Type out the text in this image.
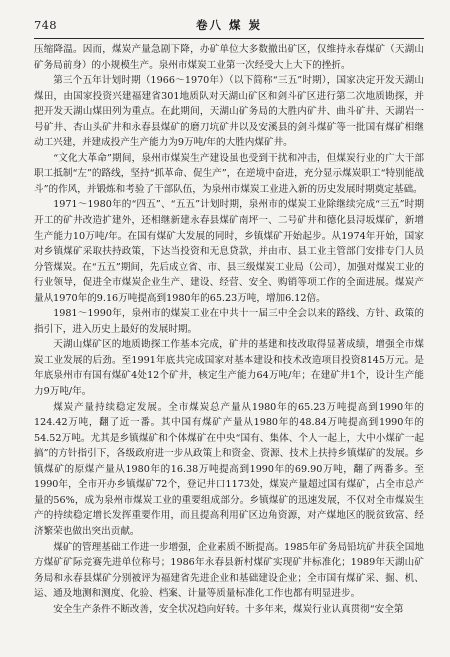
748	卷八 煤 炭

压缩降温。因而，煤炭产量急剧下降，办矿单位大多数撤出矿区，仅维持永春煤矿（天湖山矿务局前身）的小规模生产。泉州市煤炭工业第一次经受大上大下的挫折。

第三个五年计划时期（1966～1970年）（以下简称“三五”时期），国家决定开发天湖山煤田，由国家投资兴建福建省301地质队对天湖山矿区和剑斗矿区进行第二次地质勘探，并把开发天湖山煤田列为重点。在此期间，天湖山矿务局的大胜内矿井、曲斗矿井、天湖岩一号矿井、杏山头矿井和永春县煤矿的磨刀坑矿井以及安溪县的剑斗煤矿等一批国有煤矿相继动工兴建，并建成投产生产能力为9万吨/年的大胜内煤矿井。

“文化大革命”期间，泉州市煤炭生产建设虽也受到干扰和冲击，但煤炭行业的广大干部职工抵制“左”的路线，坚持“抓革命、促生产”，在逆境中奋进，充分显示煤炭职工“特别能战斗”的作风，并锻炼和考验了干部队伍，为泉州市煤炭工业进入新的历史发展时期奠定基础。

1971～1980年的“四五”、“五五”计划时期，泉州市的煤炭工业除继续完成“三五”时期开工的矿井改造扩建外，还相继新建永春县煤矿南坪一、二号矿井和德化县浔坂煤矿，新增生产能力10万吨/年。在国有煤矿大发展的同时，乡镇煤矿开始起步。从1974年开始，国家对乡镇煤矿采取扶持政策，下达当投资和无息贷款，并由市、县工业主管部门安排专门人员分管煤炭。在“五五”期间，先后成立省、市、县三级煤炭工业局（公司），加强对煤炭工业的行业领导，促进全市煤炭企业生产、建设、经营、安全、购销等项工作的全面进展。煤炭产量从1970年的9.16万吨提高到1980年的65.23万吨，增加6.12倍。

1981～1990年，泉州市的煤炭工业在中共十一届三中全会以来的路线、方针、政策的指引下，进入历史上最好的发展时期。

天湖山煤矿区的地质勘探工作基本完成，矿井的基建和技改取得显著成绩，增强全市煤炭工业发展的后劲。至1991年底共完成国家对基本建设和技术改造项目投资8145万元。是年底泉州市有国有煤矿4处12个矿井，核定生产能力64万吨/年；在建矿井1个，设计生产能力9万吨/年。

煤炭产量持续稳定发展。全市煤炭总产量从1980年的65.23万吨提高到1990年的124.42万吨，翻了近一番。其中国有煤矿产量从1980年的48.84万吨提高到1990年的54.52万吨。尤其是乡镇煤矿和个体煤矿在中央“国有、集体、个人一起上，大中小煤矿一起搞”的方针指引下，各级政府进一步从政策上和资金、资源、技术上扶持乡镇煤矿的发展。乡镇煤矿的原煤产量从1980年的16.38万吨提高到1990年的69.90万吨，翻了两番多。至1990年，全市开办乡镇煤矿72个，登记井口1173处，煤炭产量超过国有煤矿，占全市总产量的56%，成为泉州市煤炭工业的重要组成部分。乡镇煤矿的迅速发展，不仅对全市煤炭生产的持续稳定增长发挥重要作用，而且提高利用矿区边角资源，对产煤地区的脱贫致富、经济繁荣也做出突出贡献。

煤矿的管理基础工作进一步增强，企业素质不断提高。1985年矿务局铅坑矿井获全国地方煤矿矿际竞赛先进单位称号；1986年永春县新村煤矿实现矿井标准化；1989年天湖山矿务局和永春县煤矿分别被评为福建省先进企业和基础建设企业；全市国有煤矿采、掘、机、运、通及地测和测度、化验、档案、计量等质量标准化工作也都有明显进步。

安全生产条件不断改善，安全状况趋向好转。十多年来，煤炭行业认真贯彻“安全第
